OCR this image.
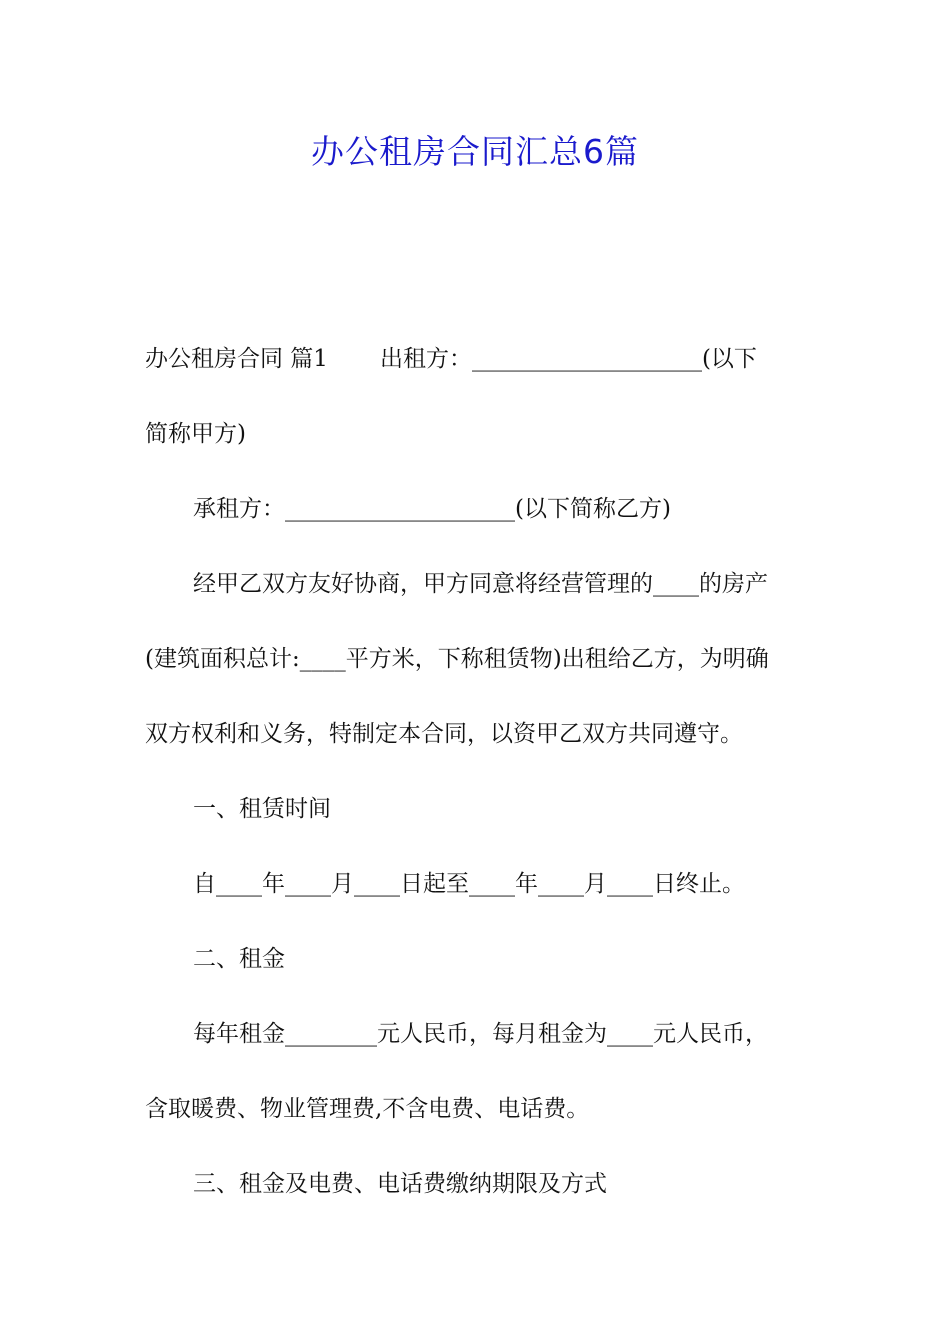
办公租房合同汇总6篇
办公租房合同 篇1 出租方：____________________(以下
简称甲方)
承租方：____________________(以下简称乙方)
经甲乙双方友好协商，甲方同意将经营管理的____的房产
(建筑面积总计:____平方米，下称租赁物)出租给乙方，为明确
双方权利和义务，特制定本合同，以资甲乙双方共同遵守。
一、租赁时间
自____年____月____日起至____年____月____日终止。
二、租金
每年租金________元人民币，每月租金为____元人民币，
含取暖费、物业管理费,不含电费、电话费。
三、租金及电费、电话费缴纳期限及方式
